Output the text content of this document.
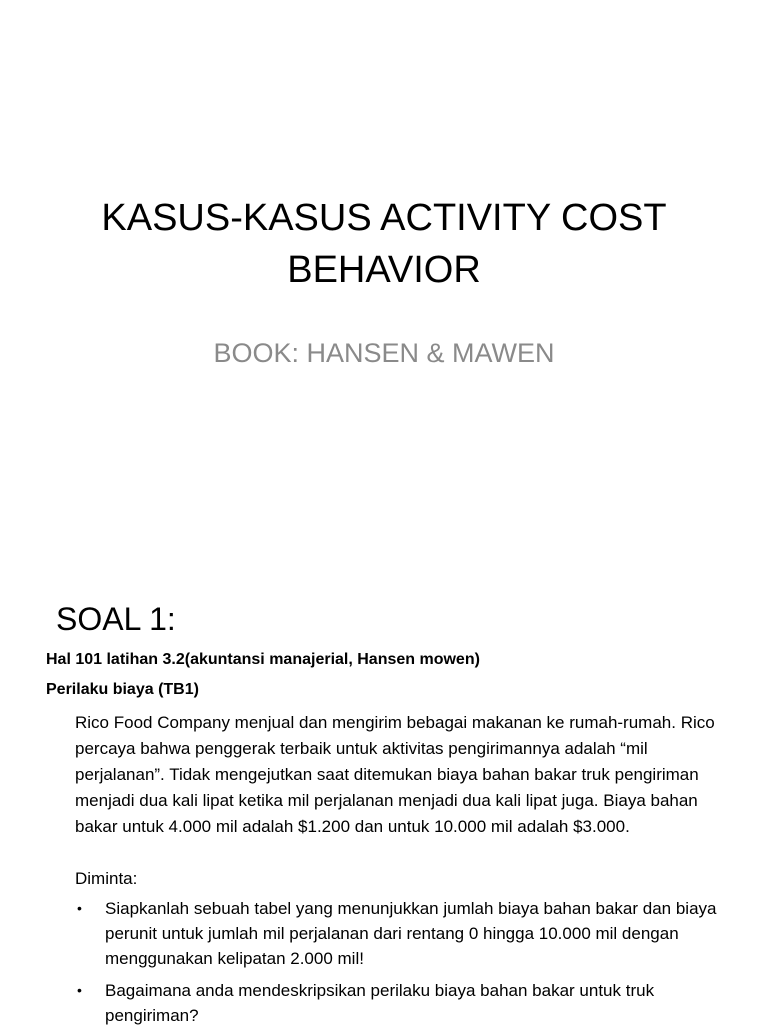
KASUS-KASUS ACTIVITY COST
BEHAVIOR
BOOK: HANSEN & MAWEN
SOAL 1:
Hal 101 latihan 3.2(akuntansi manajerial, Hansen mowen)
Perilaku biaya (TB1)
Rico Food Company menjual dan mengirim bebagai makanan ke rumah-rumah. Rico percaya bahwa penggerak terbaik untuk aktivitas pengirimannya adalah “mil perjalanan”. Tidak mengejutkan saat ditemukan biaya bahan bakar truk pengiriman menjadi dua kali lipat ketika mil perjalanan menjadi dua kali lipat juga. Biaya bahan bakar untuk 4.000 mil adalah $1.200 dan untuk 10.000 mil adalah $3.000.
Diminta:
• Siapkanlah sebuah tabel yang menunjukkan jumlah biaya bahan bakar dan biaya perunit untuk jumlah mil perjalanan dari rentang 0 hingga 10.000 mil dengan menggunakan kelipatan 2.000 mil!
• Bagaimana anda mendeskripsikan perilaku biaya bahan bakar untuk truk pengiriman?
